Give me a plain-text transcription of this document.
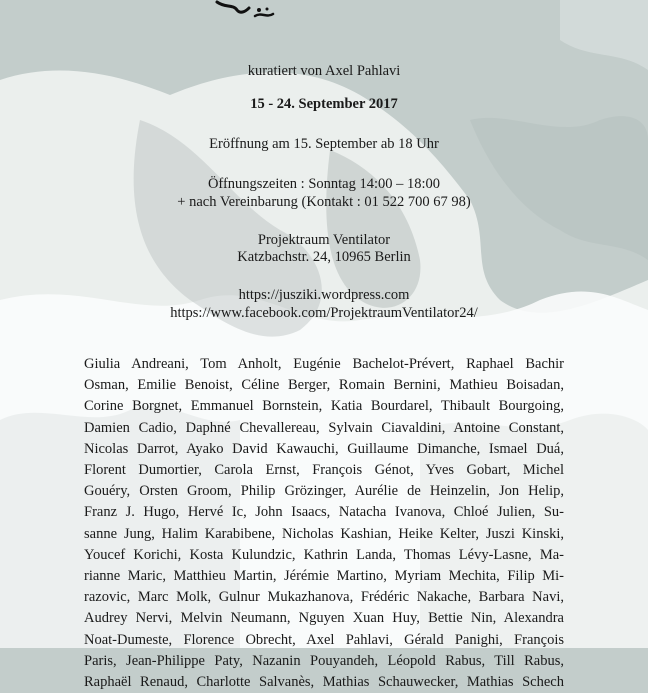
kuratiert von Axel Pahlavi
15 - 24. September 2017
Eröffnung am 15. September ab 18 Uhr
Öffnungszeiten : Sonntag 14:00 – 18:00
+ nach Vereinbarung (Kontakt : 01 522 700 67 98)
Projektraum Ventilator
Katzbachstr. 24, 10965 Berlin
https://juszikі.wordpress.com
https://www.facebook.com/ProjektraumVentilator24/
Giulia Andreani, Tom Anholt, Eugénie Bachelot-Prévert, Raphael Bachir
Osman, Emilie Benoist, Céline Berger, Romain Bernini, Mathieu Boisadan,
Corine Borgnet, Emmanuel Bornstein, Katia Bourdarel, Thibault Bourgoing,
Damien Cadio, Daphné Chevallereau, Sylvain Ciavaldini, Antoine Constant,
Nicolas Darrot, Ayako David Kawauchi, Guillaume Dimanche, Ismael Duá,
Florent Dumortier, Carola Ernst, François Génot, Yves Gobart, Michel
Gouéry, Orsten Groom, Philip Grözinger, Aurélie de Heinzelin, Jon Helip,
Franz J. Hugo, Hervé Ic, John Isaacs, Natacha Ivanova, Chloé Julien, Su-
sanne Jung, Halim Karabibene, Nicholas Kashian, Heike Kelter, Juszi Kinski,
Youcef Korichi, Kosta Kulundzic, Kathrin Landa, Thomas Lévy-Lasne, Ma-
rianne Maric, Matthieu Martin, Jérémie Martino, Myriam Mechita, Filip Mi-
razovic, Marc Molk, Gulnur Mukazhanova, Frédéric Nakache, Barbara Navi,
Audrey Nervi, Melvin Neumann, Nguyen Xuan Huy, Bettie Nin, Alexandra
Noat-Dumeste, Florence Obrecht, Axel Pahlavi, Gérald Panighi, François
Paris, Jean-Philippe Paty, Nazanin Pouyandeh, Léopold Rabus, Till Rabus,
Raphaël Renaud, Charlotte Salvanès, Mathias Schauwecker, Mathias Schech
